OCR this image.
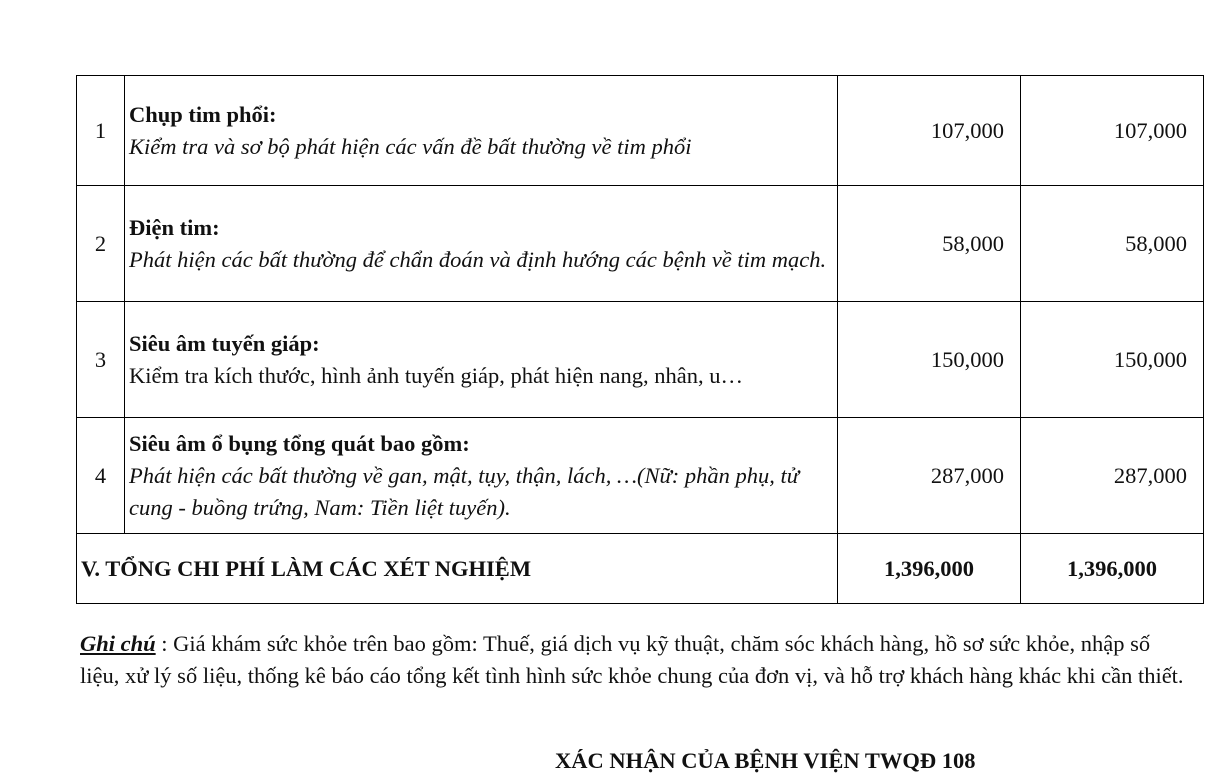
1	Chụp tim phổi:
Kiểm tra và sơ bộ phát hiện các vấn đề bất thường về tim phổi	107,000	107,000
2	Điện tim:
Phát hiện các bất thường để chẩn đoán và định hướng các bệnh về tim mạch.	58,000	58,000
3	Siêu âm tuyến giáp:
Kiểm tra kích thước, hình ảnh tuyến giáp, phát hiện nang, nhân, u…	150,000	150,000
4	Siêu âm ổ bụng tổng quát bao gồm:
Phát hiện các bất thường về gan, mật, tụy, thận, lách, …(Nữ: phần phụ, tử cung - buồng trứng, Nam: Tiền liệt tuyến).	287,000	287,000
V. TỔNG CHI PHÍ LÀM CÁC XÉT NGHIỆM		1,396,000	1,396,000
Ghi chú : Giá khám sức khỏe trên bao gồm: Thuế, giá dịch vụ kỹ thuật, chăm sóc khách hàng, hồ sơ sức khỏe, nhập số liệu, xử lý số liệu, thống kê báo cáo tổng kết tình hình sức khỏe chung của đơn vị, và hỗ trợ khách hàng khác khi cần thiết.
XÁC NHẬN CỦA BỆNH VIỆN TWQĐ 108
